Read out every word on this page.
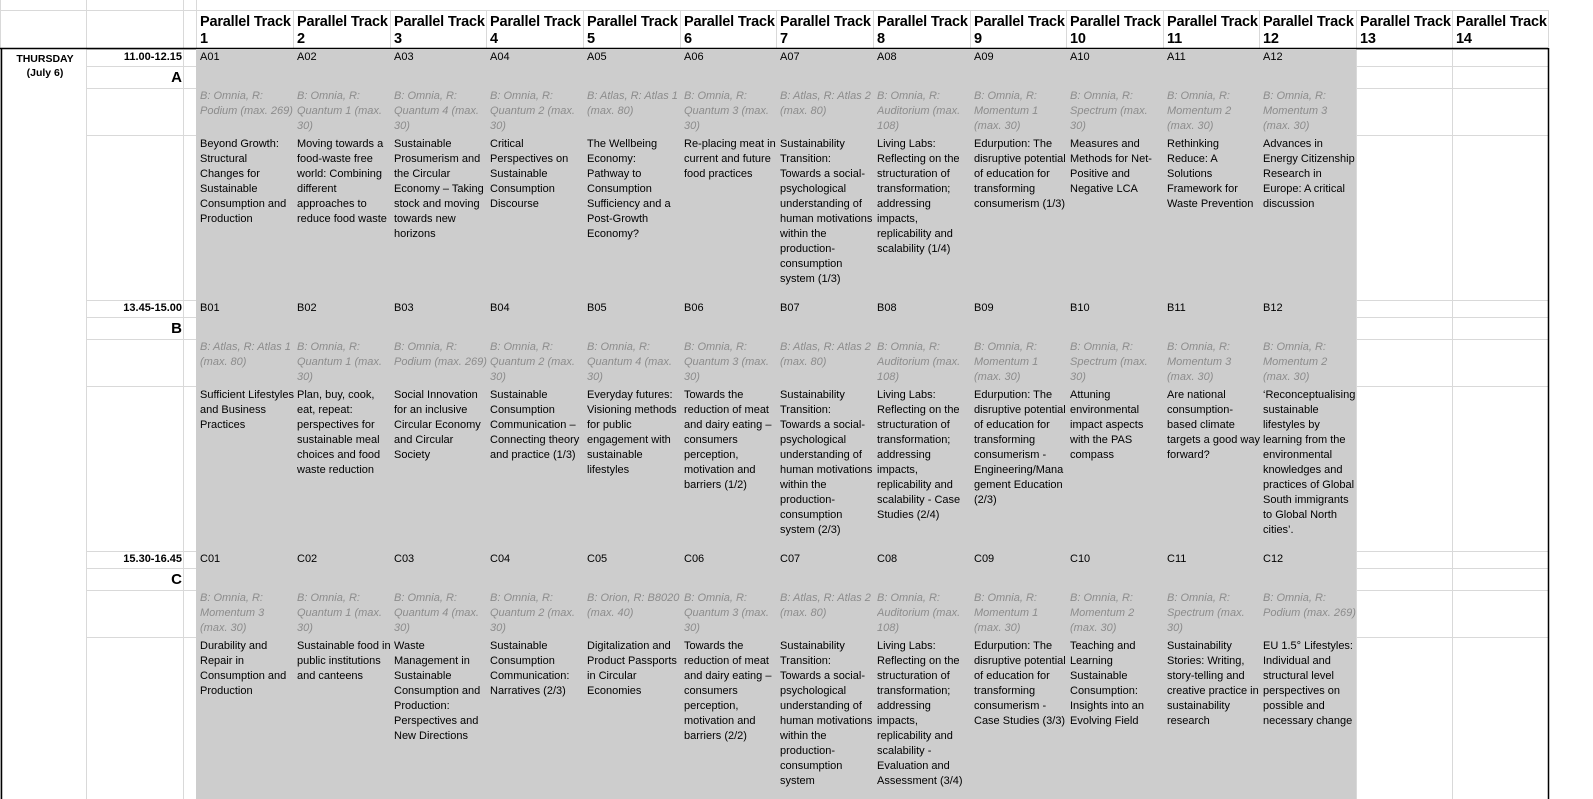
Parallel Track 1
Parallel Track 2
Parallel Track 3
Parallel Track 4
Parallel Track 5
Parallel Track 6
Parallel Track 7
Parallel Track 8
Parallel Track 9
Parallel Track 10
Parallel Track 11
Parallel Track 12
Parallel Track 13
Parallel Track 14
THURSDAY (July 6)
11.00-12.15
A
A01
B: Omnia, R: Podium (max. 269)
Beyond Growth: Structural Changes for Sustainable Consumption and Production
A02
B: Omnia, R: Quantum 1 (max. 30)
Moving towards a food-waste free world: Combining different approaches to reduce food waste
A03
B: Omnia, R: Quantum 4 (max. 30)
Sustainable Prosumerism and the Circular Economy – Taking stock and moving towards new horizons
A04
B: Omnia, R: Quantum 2 (max. 30)
Critical Perspectives on Sustainable Consumption Discourse
A05
B: Atlas, R: Atlas 1 (max. 80)
The Wellbeing Economy: Pathway to Consumption Sufficiency and a Post-Growth Economy?
A06
B: Omnia, R: Quantum 3 (max. 30)
Re-placing meat in current and future food practices
A07
B: Atlas, R: Atlas 2 (max. 80)
Sustainability Transition: Towards a social-psychological understanding of human motivations within the production-consumption system (1/3)
A08
B: Omnia, R: Auditorium (max. 108)
Living Labs: Reflecting on the structuration of transformation; addressing impacts, replicability and scalability (1/4)
A09
B: Omnia, R: Momentum 1 (max. 30)
Edurpution: The disruptive potential of education for transforming consumerism (1/3)
A10
B: Omnia, R: Spectrum (max. 30)
Measures and Methods for Net-Positive and Negative LCA
A11
B: Omnia, R: Momentum 2 (max. 30)
Rethinking Reduce: A Solutions Framework for Waste Prevention
A12
B: Omnia, R: Momentum 3 (max. 30)
Advances in Energy Citizenship Research in Europe: A critical discussion
13.45-15.00
B
B01
B: Atlas, R: Atlas 1 (max. 80)
Sufficient Lifestyles and Business Practices
B02
B: Omnia, R: Quantum 1 (max. 30)
Plan, buy, cook, eat, repeat: perspectives for sustainable meal choices and food waste reduction
B03
B: Omnia, R: Podium (max. 269)
Social Innovation for an inclusive Circular Economy and Circular Society
B04
B: Omnia, R: Quantum 2 (max. 30)
Sustainable Consumption Communication – Connecting theory and practice (1/3)
B05
B: Omnia, R: Quantum 4 (max. 30)
Everyday futures: Visioning methods for public engagement with sustainable lifestyles
B06
B: Omnia, R: Quantum 3 (max. 30)
Towards the reduction of meat and dairy eating – consumers perception, motivation and barriers (1/2)
B07
B: Atlas, R: Atlas 2 (max. 80)
Sustainability Transition: Towards a social-psychological understanding of human motivations within the production-consumption system (2/3)
B08
B: Omnia, R: Auditorium (max. 108)
Living Labs: Reflecting on the structuration of transformation; addressing impacts, replicability and scalability - Case Studies (2/4)
B09
B: Omnia, R: Momentum 1 (max. 30)
Edurpution: The disruptive potential of education for transforming consumerism - Engineering/Management Education (2/3)
B10
B: Omnia, R: Spectrum (max. 30)
Attuning environmental impact aspects with the PAS compass
B11
B: Omnia, R: Momentum 3 (max. 30)
Are national consumption-based climate targets a good way forward?
B12
B: Omnia, R: Momentum 2 (max. 30)
‘Reconceptualising sustainable lifestyles by learning from the environmental knowledges and practices of Global South immigrants to Global North cities’.
15.30-16.45
C
C01
B: Omnia, R: Momentum 3 (max. 30)
Durability and Repair in Consumption and Production
C02
B: Omnia, R: Quantum 1 (max. 30)
Sustainable food in public institutions and canteens
C03
B: Omnia, R: Quantum 4 (max. 30)
Waste Management in Sustainable Consumption and Production: Perspectives and New Directions
C04
B: Omnia, R: Quantum 2 (max. 30)
Sustainable Consumption Communication: Narratives (2/3)
C05
B: Orion, R: B8020 (max. 40)
Digitalization and Product Passports in Circular Economies
C06
B: Omnia, R: Quantum 3 (max. 30)
Towards the reduction of meat and dairy eating – consumers perception, motivation and barriers (2/2)
C07
B: Atlas, R: Atlas 2 (max. 80)
Sustainability Transition: Towards a social-psychological understanding of human motivations within the production-consumption system
C08
B: Omnia, R: Auditorium (max. 108)
Living Labs: Reflecting on the structuration of transformation; addressing impacts, replicability and scalability - Evaluation and Assessment (3/4)
C09
B: Omnia, R: Momentum 1 (max. 30)
Edurpution: The disruptive potential of education for transforming consumerism - Case Studies (3/3)
C10
B: Omnia, R: Momentum 2 (max. 30)
Teaching and Learning Sustainable Consumption: Insights into an Evolving Field
C11
B: Omnia, R: Spectrum (max. 30)
Sustainability Stories: Writing, story-telling and creative practice in sustainability research
C12
B: Omnia, R: Podium (max. 269)
EU 1.5° Lifestyles: Individual and structural level perspectives on possible and necessary change
